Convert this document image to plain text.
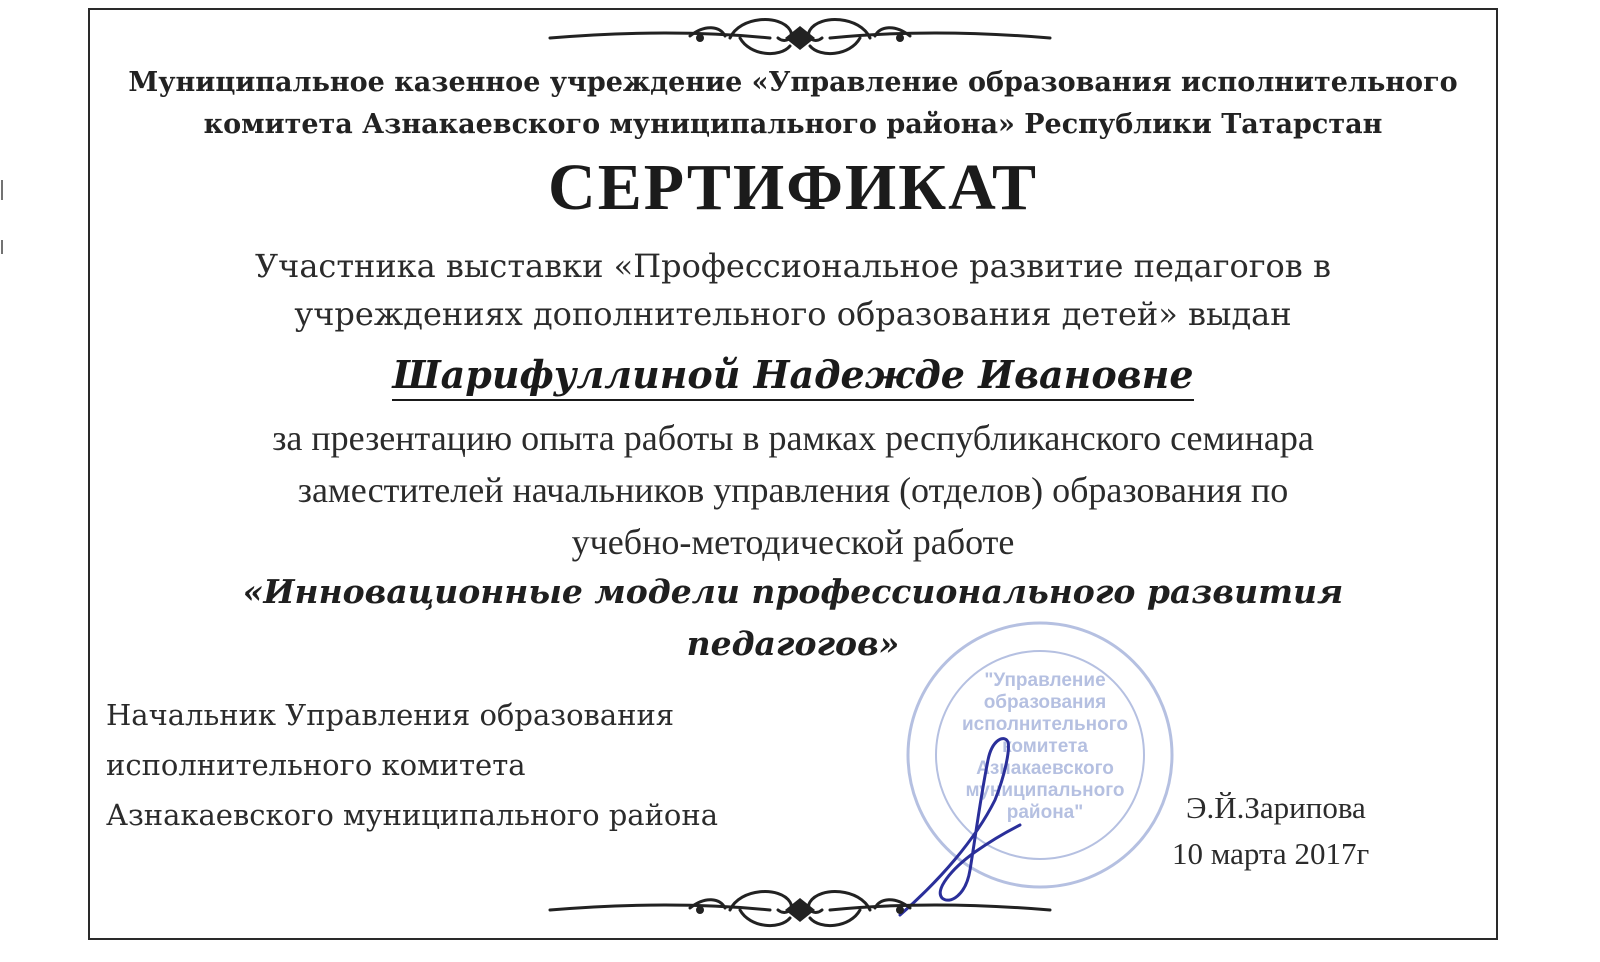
Муниципальное казенное учреждение «Управление образования исполнительного
комитета Азнакаевского муниципального района» Республики Татарстан
СЕРТИФИКАТ
Участника выставки «Профессиональное развитие педагогов в
учреждениях дополнительного образования детей» выдан
Шарифуллиной Надежде Ивановне
за презентацию опыта работы в рамках республиканского семинара
заместителей начальников управления (отделов) образования по
учебно-методической работе
«Инновационные модели профессионального развития
педагогов»
Начальник Управления образования
исполнительного комитета
Азнакаевского муниципального района
"Управление
образования
исполнительного
комитета
Азнакаевского
муниципального
района"	Э.Й.Зарипова
10 марта 2017г
